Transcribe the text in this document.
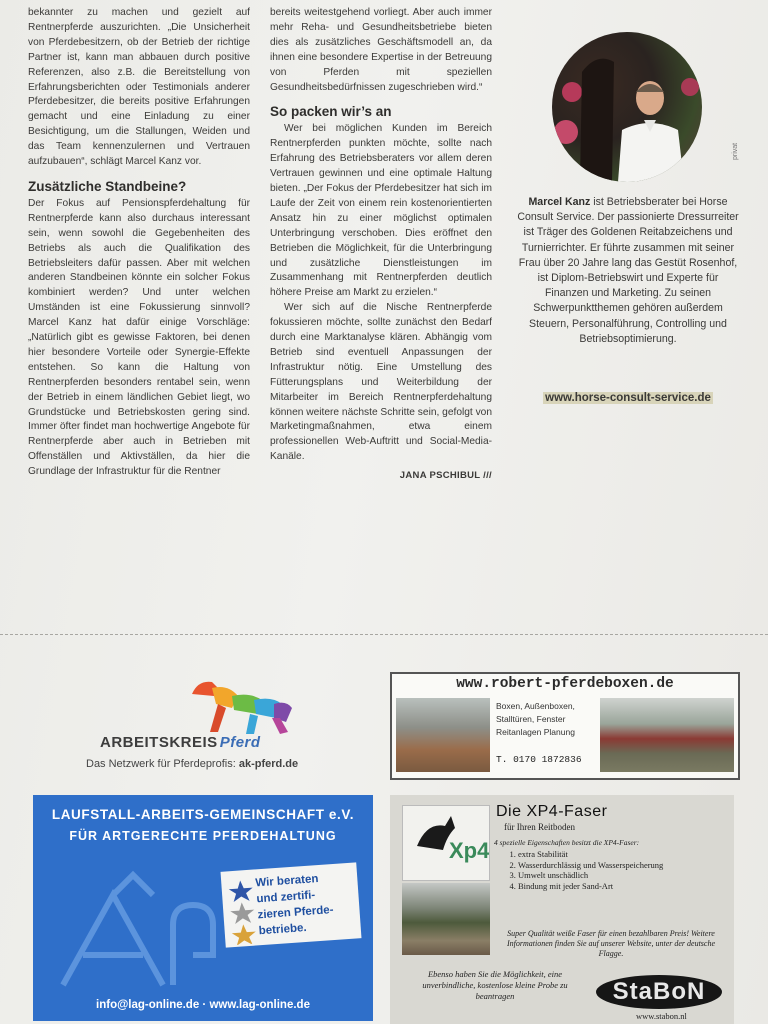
bekannter zu machen und gezielt auf Rentnerpferde auszurichten. „Die Unsicherheit von Pferdebesitzern, ob der Betrieb der richtige Partner ist, kann man abbauen durch positive Referenzen, also z.B. die Bereitstellung von Erfahrungsberichten oder Testimonials anderer Pferdebesitzer, die bereits positive Erfahrungen gemacht und eine Einladung zu einer Besichtigung, um die Stallungen, Weiden und das Team kennenzulernen und Vertrauen aufzubauen“, schlägt Marcel Kanz vor.

Zusätzliche Standbeine?

Der Fokus auf Pensionspferdehaltung für Rentnerpferde kann also durchaus interessant sein, wenn sowohl die Gegebenheiten des Betriebs als auch die Qualifikation des Betriebsleiters dafür passen. Aber mit welchen anderen Standbeinen könnte ein solcher Fokus kombiniert werden? Und unter welchen Umständen ist eine Fokussierung sinnvoll? Marcel Kanz hat dafür einige Vorschläge: „Natürlich gibt es gewisse Faktoren, bei denen hier besondere Vorteile oder Synergie-Effekte entstehen. So kann die Haltung von Rentnerpferden besonders rentabel sein, wenn der Betrieb in einem ländlichen Gebiet liegt, wo Grundstücke und Betriebskosten gering sind. Immer öfter findet man hochwertige Angebote für Rentnerpferde aber auch in Betrieben mit Offenställen und Aktivställen, da hier die Grundlage der Infrastruktur für die Rentner

bereits weitestgehend vorliegt. Aber auch immer mehr Reha- und Gesundheitsbetriebe bieten dies als zusätzliches Geschäftsmodell an, da ihnen eine besondere Expertise in der Betreuung von Pferden mit speziellen Gesundheitsbedürfnissen zugeschrieben wird.“

So packen wir’s an

Wer bei möglichen Kunden im Bereich Rentnerpferden punkten möchte, sollte nach Erfahrung des Betriebsberaters vor allem deren Vertrauen gewinnen und eine optimale Haltung bieten. „Der Fokus der Pferdebesitzer hat sich im Laufe der Zeit von einem rein kostenorientierten Ansatz hin zu einer möglichst optimalen Unterbringung verschoben. Dies eröffnet den Betrieben die Möglichkeit, für die Unterbringung und zusätzliche Dienstleistungen im Zusammenhang mit Rentnerpferden deutlich höhere Preise am Markt zu erzielen.“

Wer sich auf die Nische Rentnerpferde fokussieren möchte, sollte zunächst den Bedarf durch eine Marktanalyse klären. Abhängig vom Betrieb sind eventuell Anpassungen der Infrastruktur nötig. Eine Umstellung des Fütterungsplans und Weiterbildung der Mitarbeiter im Bereich Rentnerpferdehaltung können weitere nächste Schritte sein, gefolgt von Marketingmaßnahmen, etwa einem professionellen Web-Auftritt und Social-Media-Kanäle.

JANA PSCHIBUL ///
privat
Marcel Kanz ist Betriebsberater bei Horse Consult Service. Der passionierte Dressurreiter ist Träger des Goldenen Reitabzeichens und Turnierrichter. Er führte zusammen mit seiner Frau über 20 Jahre lang das Gestüt Rosenhof, ist Diplom-Betriebswirt und Experte für Finanzen und Marketing. Zu seinen Schwerpunktthemen gehören außerdem Steuern, Personalführung, Controlling und Betriebsoptimierung.
www.horse-consult-service.de
ARBEITSKREIS Pferd
Das Netzwerk für Pferdeprofis: ak-pferd.de
www.robert-pferdeboxen.de
Boxen, Außenboxen,
Stalltüren, Fenster
Reitanlagen Planung
T. 0170 1872836
LAUFSTALL-ARBEITS-GEMEINSCHAFT e.V.
FÜR ARTGERECHTE PFERDEHALTUNG
Wir beraten
und zertifi-
zieren Pferde-
betriebe.
info@lag-online.de · www.lag-online.de
Xp4
Die XP4-Faser
für Ihren Reitboden
4 spezielle Eigenschaften besitzt die XP4-Faser:
1. extra Stabilität
2. Wasserdurchlässig und Wasserspeicherung
3. Umwelt unschädlich
4. Bindung mit jeder Sand-Art
Super Qualität weiße Faser für einen bezahlbaren Preis! Weitere Informationen finden Sie auf unserer Website, unter der deutsche Flagge.
Ebenso haben Sie die Möglichkeit, eine unverbindliche, kostenlose kleine Probe zu beantragen	StaBoN
www.stabon.nl
